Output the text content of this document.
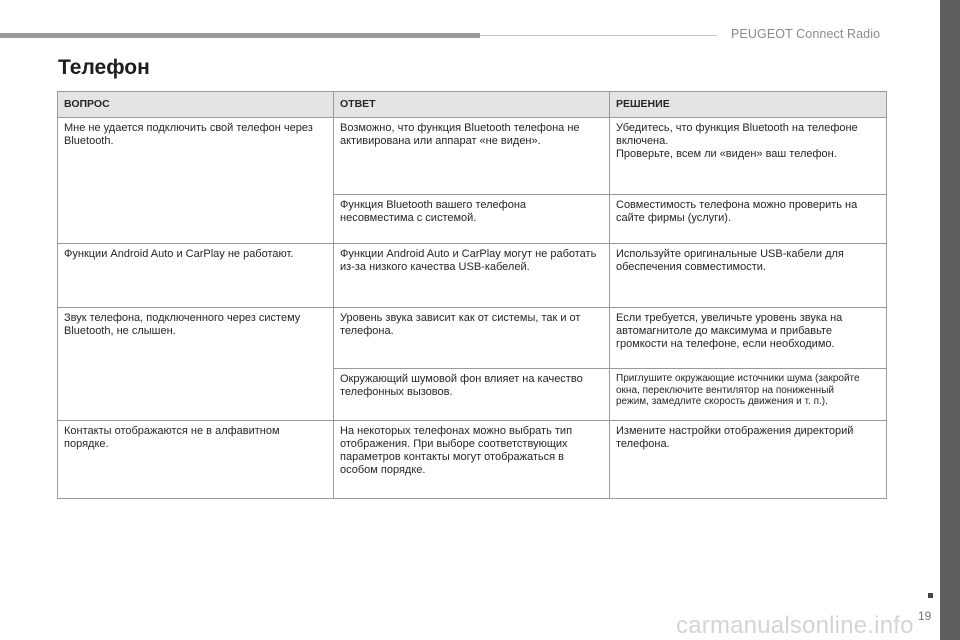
PEUGEOT Connect Radio
Телефон
ВОПРОС	ОТВЕТ	РЕШЕНИЕ

Мне не удается подключить свой телефон через
Bluetooth.	Возможно, что функция Bluetooth телефона не
активирована или аппарат «не виден».	Убедитесь, что функция Bluetooth на телефоне
включена.
Проверьте, всем ли «виден» ваш телефон.

	Функция Bluetooth вашего телефона
несовместима с системой.	Совместимость телефона можно проверить на
сайте фирмы (услуги).

Функции Android Auto и CarPlay не работают.	Функции Android Auto и CarPlay могут не работать
из-за низкого качества USB-кабелей.	Используйте оригинальные USB-кабели для
обеспечения совместимости.

Звук телефона, подключенного через систему
Bluetooth, не слышен.	Уровень звука зависит как от системы, так и от
телефона.	Если требуется, увеличьте уровень звука на
автомагнитоле до максимума и прибавьте
громкости на телефоне, если необходимо.

	Окружающий шумовой фон влияет на качество
телефонных вызовов.	Приглушите окружающие источники шума (закройте
окна, переключите вентилятор на пониженный
режим, замедлите скорость движения и т. п.).

Контакты отображаются не в алфавитном
порядке.	На некоторых телефонах можно выбрать тип
отображения. При выборе соответствующих
параметров контакты могут отображаться в
особом порядке.	Измените настройки отображения директорий
телефона.
19
carmanualsonline.info
